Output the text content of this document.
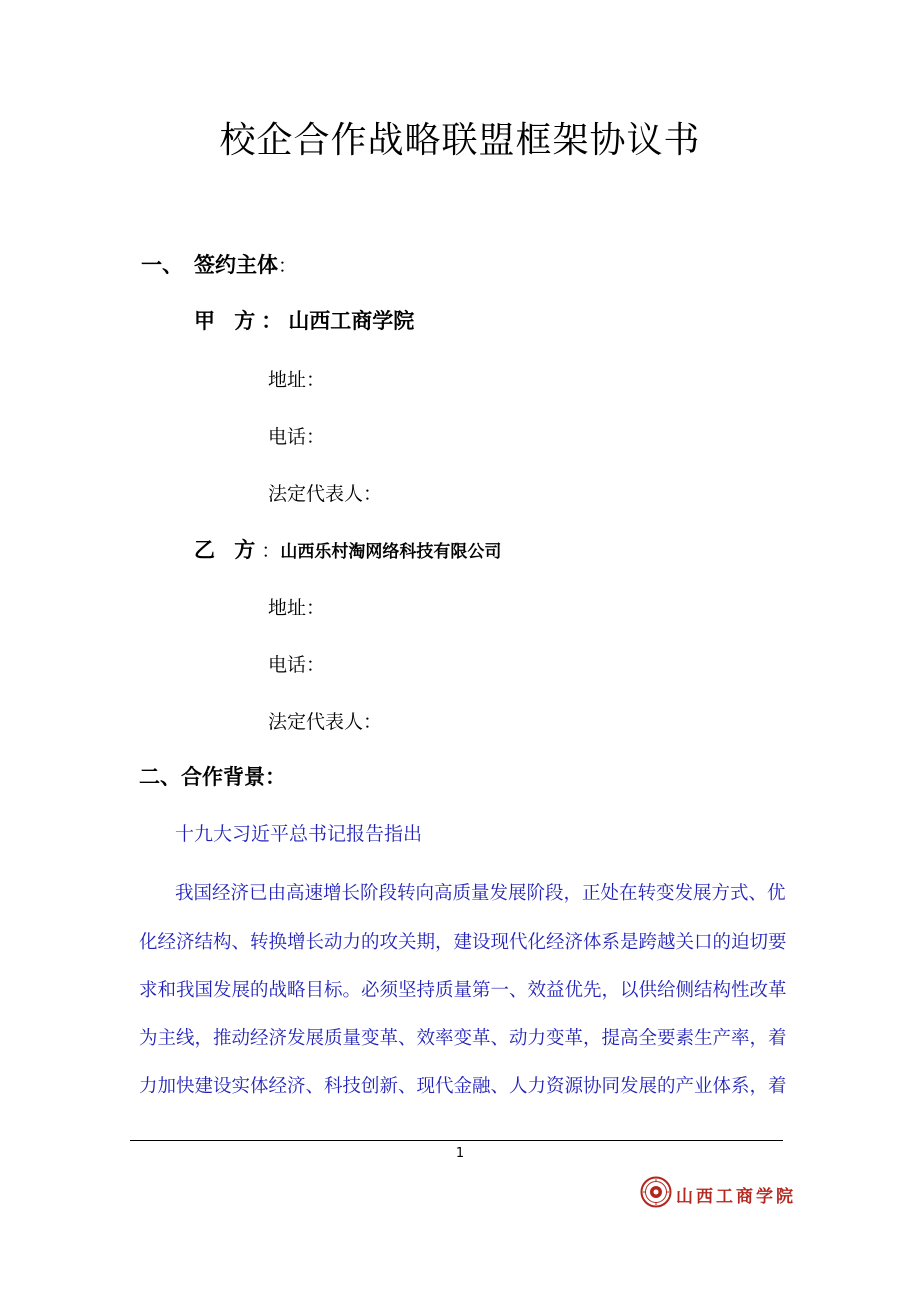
校企合作战略联盟框架协议书
一、 签约主体：
甲 方：山西工商学院
地址：
电话：
法定代表人：
乙 方：山西乐村淘网络科技有限公司
地址：
电话：
法定代表人：
二、合作背景：
十九大习近平总书记报告指出
我国经济已由高速增长阶段转向高质量发展阶段，正处在转变发展方式、优
化经济结构、转换增长动力的攻关期，建设现代化经济体系是跨越关口的迫切要
求和我国发展的战略目标。必须坚持质量第一、效益优先，以供给侧结构性改革
为主线，推动经济发展质量变革、效率变革、动力变革，提高全要素生产率，着
力加快建设实体经济、科技创新、现代金融、人力资源协同发展的产业体系，着
1
山西工商学院
